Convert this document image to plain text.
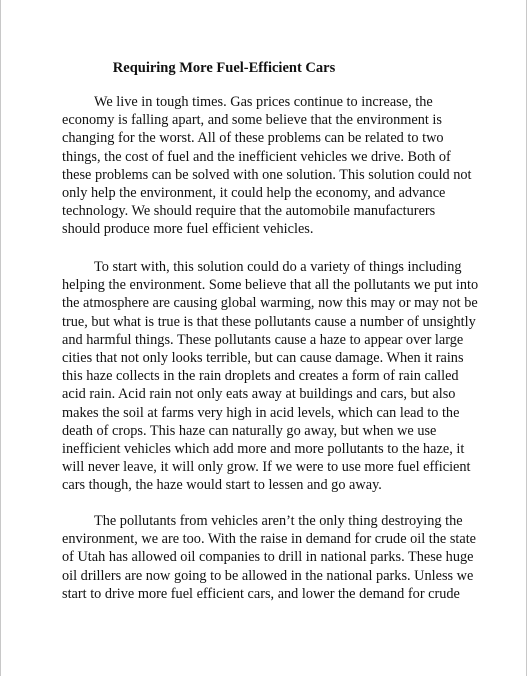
Requiring More Fuel-Efficient Cars
We live in tough times. Gas prices continue to increase, the
economy is falling apart, and some believe that the environment is
changing for the worst. All of these problems can be related to two
things, the cost of fuel and the inefficient vehicles we drive. Both of
these problems can be solved with one solution. This solution could not
only help the environment, it could help the economy, and advance
technology. We should require that the automobile manufacturers
should produce more fuel efficient vehicles.
To start with, this solution could do a variety of things including
helping the environment. Some believe that all the pollutants we put into
the atmosphere are causing global warming, now this may or may not be
true, but what is true is that these pollutants cause a number of unsightly
and harmful things. These pollutants cause a haze to appear over large
cities that not only looks terrible, but can cause damage. When it rains
this haze collects in the rain droplets and creates a form of rain called
acid rain. Acid rain not only eats away at buildings and cars, but also
makes the soil at farms very high in acid levels, which can lead to the
death of crops. This haze can naturally go away, but when we use
inefficient vehicles which add more and more pollutants to the haze, it
will never leave, it will only grow. If we were to use more fuel efficient
cars though, the haze would start to lessen and go away.
The pollutants from vehicles aren’t the only thing destroying the
environment, we are too. With the raise in demand for crude oil the state
of Utah has allowed oil companies to drill in national parks. These huge
oil drillers are now going to be allowed in the national parks. Unless we
start to drive more fuel efficient cars, and lower the demand for crude
